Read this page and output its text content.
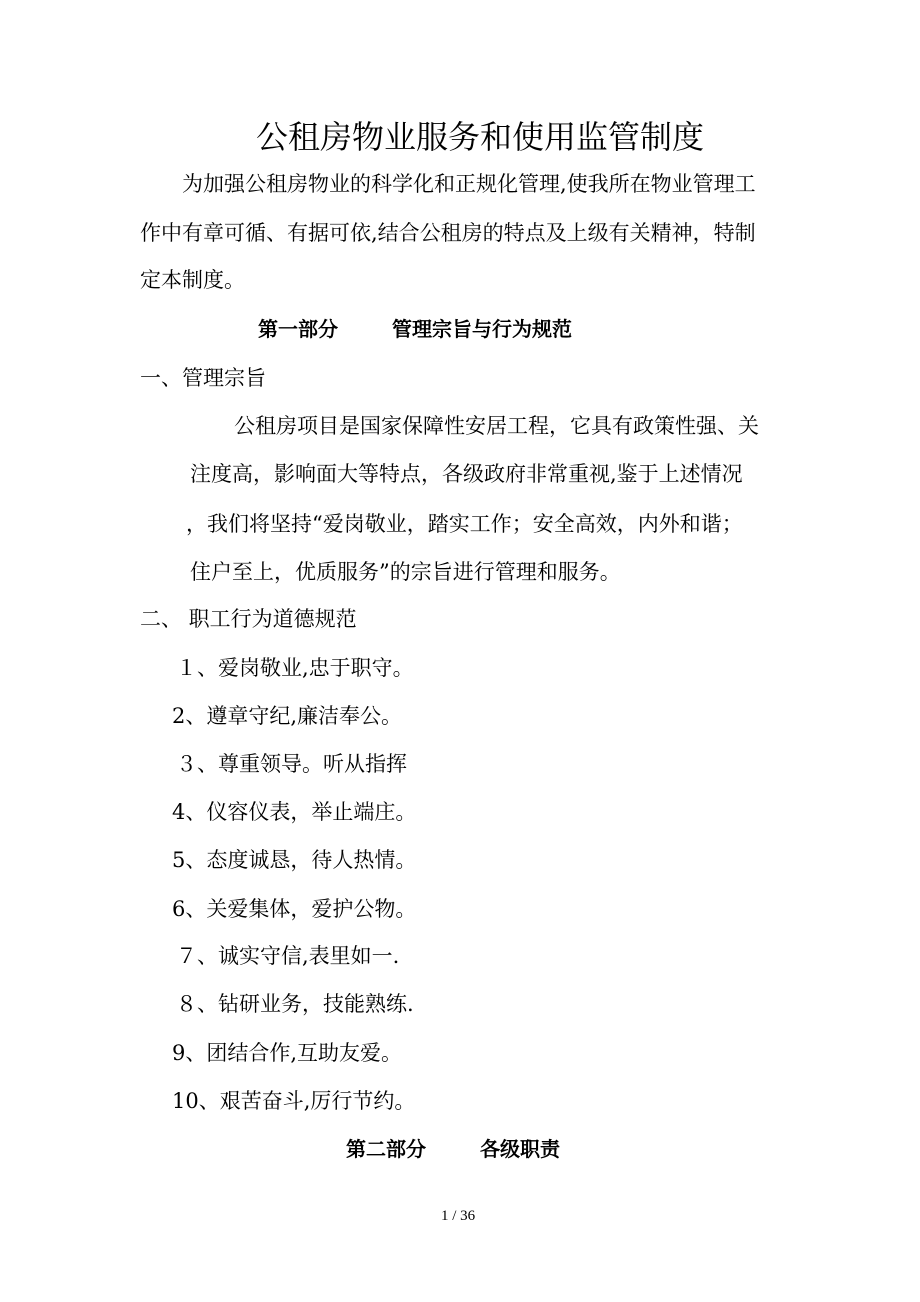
公租房物业服务和使用监管制度
为加强公租房物业的科学化和正规化管理,使我所在物业管理工
作中有章可循、有据可依,结合公租房的特点及上级有关精神，特制
定本制度。
第一部分	管理宗旨与行为规范
一、管理宗旨
公租房项目是国家保障性安居工程，它具有政策性强、关
注度高，影响面大等特点，各级政府非常重视,鉴于上述情况
，我们将坚持“爱岗敬业，踏实工作；安全高效，内外和谐；
住户至上，优质服务”的宗旨进行管理和服务。
二、 职工行为道德规范
１、爱岗敬业,忠于职守。
2、遵章守纪,廉洁奉公。
３、尊重领导。听从指挥
4、仪容仪表，举止端庄。
5、态度诚恳，待人热情。
6、关爱集体，爱护公物。
７、诚实守信,表里如一.
８、钻研业务，技能熟练.
9、团结合作,互助友爱。
10、艰苦奋斗,厉行节约。
第二部分	各级职责
1 / 36
